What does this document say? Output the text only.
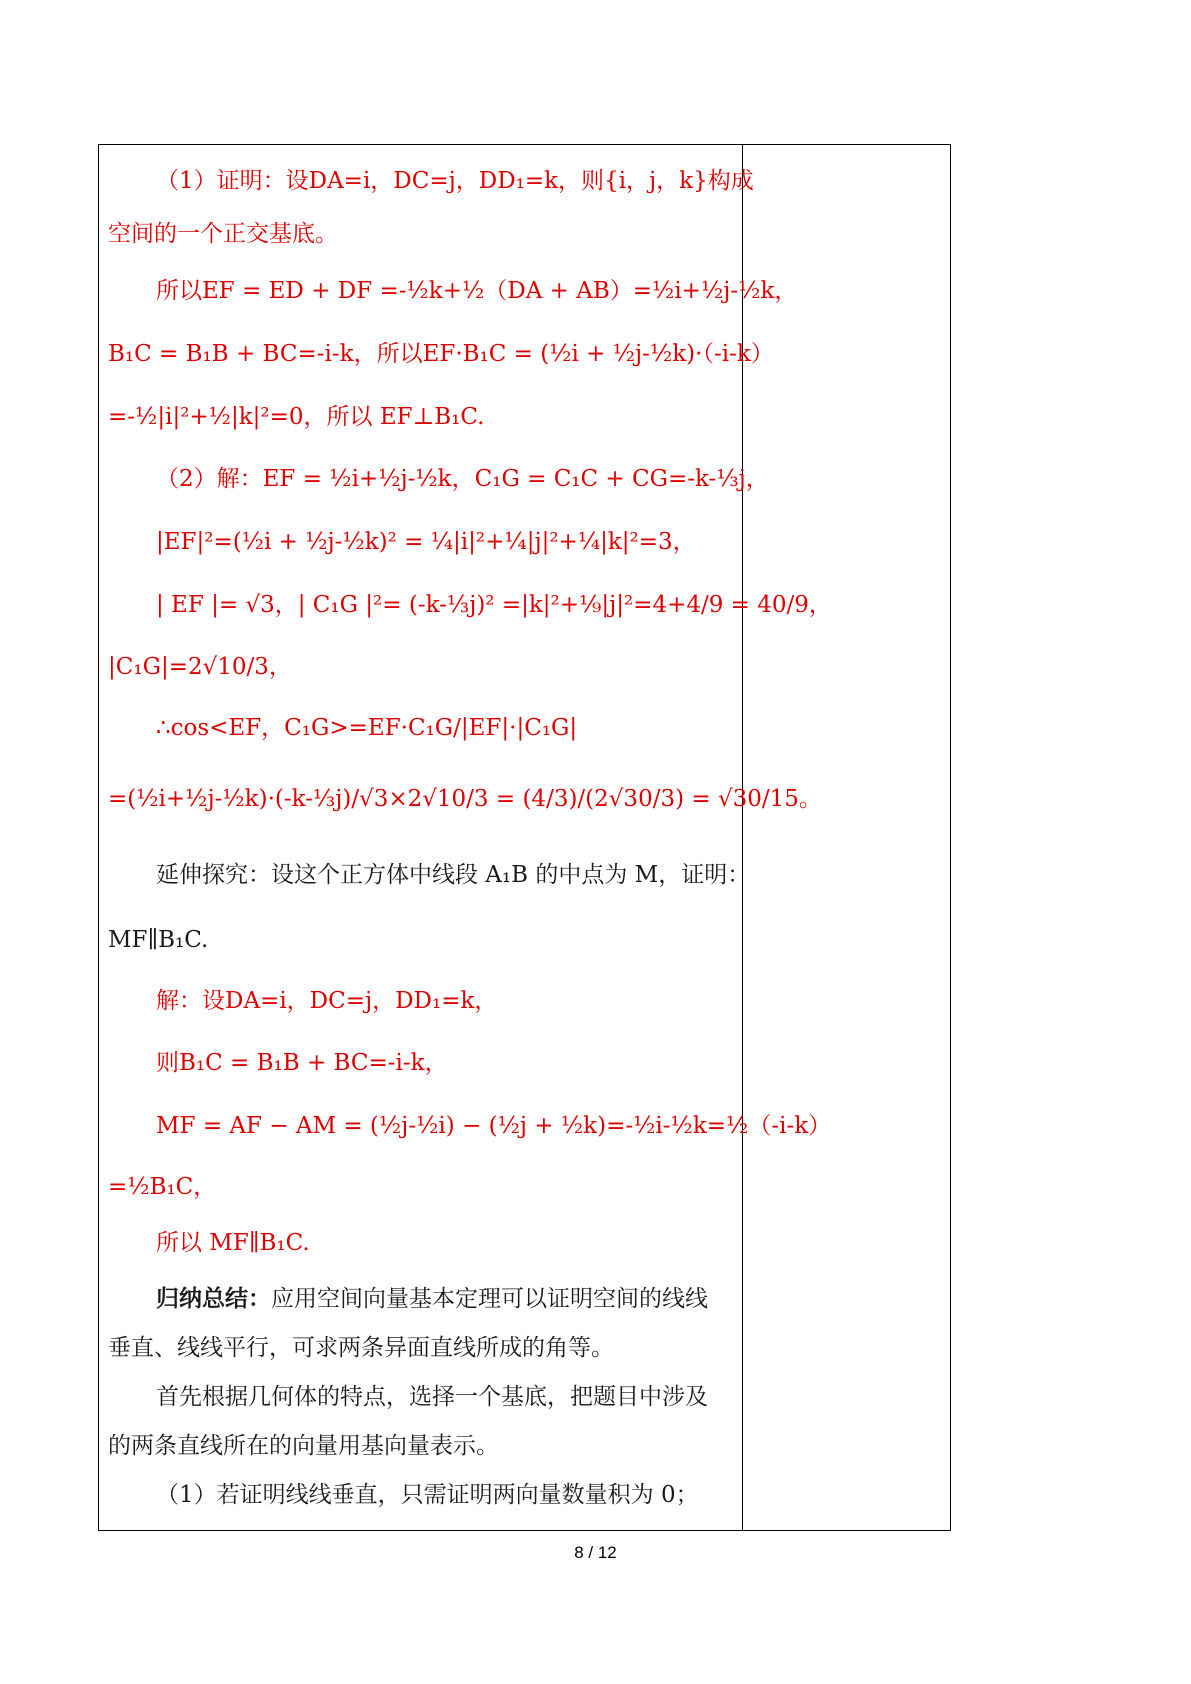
（1）证明：设DA=i，DC=j，DD₁=k，则{i，j，k}构成
空间的一个正交基底。
所以EF = ED + DF =-½k+½（DA + AB）=½i+½j-½k，
B₁C = B₁B + BC=-i-k，所以EF·B₁C = (½i + ½j-½k)·（-i-k）
=-½|i|²+½|k|²=0，所以 EF⊥B₁C.
（2）解：EF = ½i+½j-½k，C₁G = C₁C + CG=-k-⅓j，
|EF|²=(½i + ½j-½k)² = ¼|i|²+¼|j|²+¼|k|²=3，
| EF |= √3，| C₁G |²= (-k-⅓j)² =|k|²+⅑|j|²=4+4/9 = 40/9，
|C₁G|=2√10/3，
∴cos<EF，C₁G>=EF·C₁G/|EF|·|C₁G|
=(½i+½j-½k)·(-k-⅓j)/√3×2√10/3 = (4/3)/(2√30/3) = √30/15。
延伸探究：设这个正方体中线段 A₁B 的中点为 M，证明：
MF∥B₁C.
解：设DA=i，DC=j，DD₁=k，
则B₁C = B₁B + BC=-i-k，
MF = AF − AM = (½j-½i) − (½j + ½k)=-½i-½k=½（-i-k）
=½B₁C，
所以 MF∥B₁C.
归纳总结：应用空间向量基本定理可以证明空间的线线
垂直、线线平行，可求两条异面直线所成的角等。
首先根据几何体的特点，选择一个基底，把题目中涉及
的两条直线所在的向量用基向量表示。
（1）若证明线线垂直，只需证明两向量数量积为 0；
8 / 12
